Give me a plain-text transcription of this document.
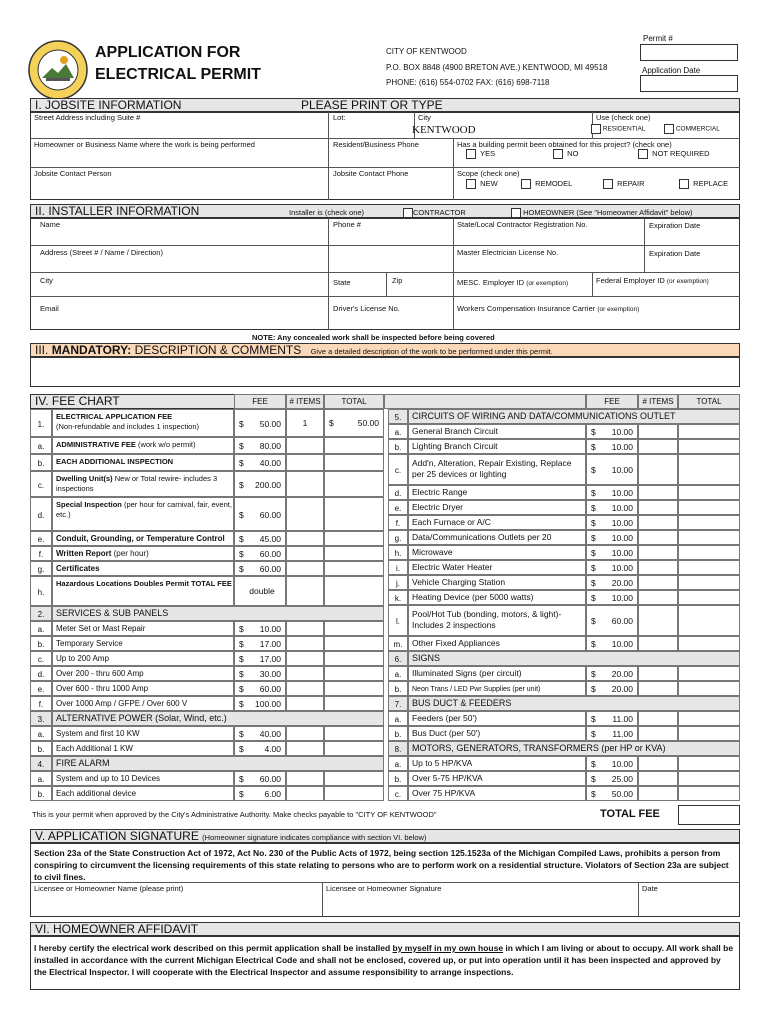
APPLICATION FOR
ELECTRICAL PERMIT
CITY OF KENTWOOD
P.O. BOX 8848 (4900 BRETON AVE.) KENTWOOD, MI 49518
PHONE: (616) 554-0702 FAX: (616) 698-7118
Permit #
Application Date
I. JOBSITE INFORMATION	PLEASE PRINT OR TYPE
Street Address including Suite #	Lot:	City
KENTWOOD
Use (check one)
RESIDENTIAL	COMMERCIAL
Homeowner or Business Name where the work is being performed	Resident/Business Phone	Has a building permit been obtained for this project? (check one)
YES	NO	NOT REQUIRED
Jobsite Contact Person	Jobsite Contact Phone	Scope (check one)
NEW	REMODEL	REPAIR	REPLACE
II. INSTALLER INFORMATION	Installer is (check one)	CONTRACTOR	HOMEOWNER (See "Homeowner Affidavit" below)
Name	Phone #	State/Local Contractor Registration No.	Expiration Date
Address (Street # / Name / Direction)	Master Electrician License No.	Expiration Date
City	State	Zip	MESC. Employer ID (or exemption)	Federal Employer ID (or exemption)
Email	Driver's License No.	Workers Compensation Insurance Carrier (or exemption)
NOTE: Any concealed work shall be inspected before being covered
III. MANDATORY: DESCRIPTION & COMMENTS Give a detailed description of the work to be performed under this permit.
IV. FEE CHART	FEE	# ITEMS	TOTAL	FEE	# ITEMS	TOTAL
1.
ELECTRICAL APPLICATION FEE
(Non-refundable and includes 1 inspection)	$ 50.00	1	$	50.00
a.	ADMINISTRATIVE FEE (work w/o permit)	$ 80.00
b.	EACH ADDITIONAL INSPECTION	$ 40.00
c.
Dwelling Unit(s) New or Total rewire- includes 3 inspections	$ 200.00
d.
Special Inspection (per hour for carnival, fair, event, etc.)	$ 60.00
e.	Conduit, Grounding, or Temperature Control	$ 45.00
f.	Written Report (per hour)	$ 60.00
g.	Certificates	$ 60.00
h.
Hazardous Locations Doubles Permit TOTAL FEE
double
2.	SERVICES & SUB PANELS
a.	Meter Set or Mast Repair	$ 10.00
b.	Temporary Service	$ 17.00
c.	Up to 200 Amp	$ 17.00
d.	Over 200 - thru 600 Amp	$ 30.00
e.	Over 600 - thru 1000 Amp	$ 60.00
f.	Over 1000 Amp / GFPE / Over 600 V	$ 100.00
3.	ALTERNATIVE POWER (Solar, Wind, etc.)
a.	System and first 10 KW	$ 40.00
b.	Each Additional 1 KW	$ 4.00
4.	FIRE ALARM
a.	System and up to 10 Devices	$ 60.00
b.	Each additional device	$ 6.00
5.	CIRCUITS OF WIRING AND DATA/COMMUNICATIONS OUTLET
a.	General Branch Circuit	$ 10.00
b.	Lighting Branch Circuit	$ 10.00
c.
Add'n, Alteration, Repair Existing, Replace per 25 devices or lighting	$ 10.00
d.	Electric Range	$ 10.00
e.	Electric Dryer	$ 10.00
f.	Each Furnace or A/C	$ 10.00
g.	Data/Communications Outlets per 20	$ 10.00
h.	Microwave	$ 10.00
i.	Electric Water Heater	$ 10.00
j.	Vehicle Charging Station	$ 20.00
k.	Heating Device (per 5000 watts)	$ 10.00
l.
Pool/Hot Tub (bonding, motors, & light)- Includes 2 inspections	$ 60.00
m.	Other Fixed Appliances	$ 10.00
6.	SIGNS
a.	Illuminated Signs (per circuit)	$ 20.00
b.	Neon Trans / LED Pwr Supplies (per unit)	$ 20.00
7.	BUS DUCT & FEEDERS
a.	Feeders (per 50')	$ 11.00
b.	Bus Duct (per 50')	$ 11.00
8.	MOTORS, GENERATORS, TRANSFORMERS (per HP or KVA)
a.	Up to 5 HP/KVA	$ 10.00
b.	Over 5-75 HP/KVA	$ 25.00
c.	Over 75 HP/KVA	$ 50.00
This is your permit when approved by the City's Administrative Authority. Make checks payable to "CITY OF KENTWOOD"	TOTAL FEE
V. APPLICATION SIGNATURE (Homeowner signature indicates compliance with section VI. below)
Section 23a of the State Construction Act of 1972, Act No. 230 of the Public Acts of 1972, being section 125.1523a of the Michigan Compiled Laws, prohibits a person from conspiring to circumvent the licensing requirements of this state relating to persons who are to perform work on a residential structure. Violators of Section 23a are subject to civil fines.
Licensee or Homeowner Name (please print)	Licensee or Homeowner Signature	Date
VI. HOMEOWNER AFFIDAVIT
I hereby certify the electrical work described on this permit application shall be installed by myself in my own house in which I am living or about to occupy. All work shall be installed in accordance with the current Michigan Electrical Code and shall not be enclosed, covered up, or put into operation until it has been inspected and approved by the Electrical Inspector. I will cooperate with the Electrical Inspector and assume responsibility to arrange inspections.
